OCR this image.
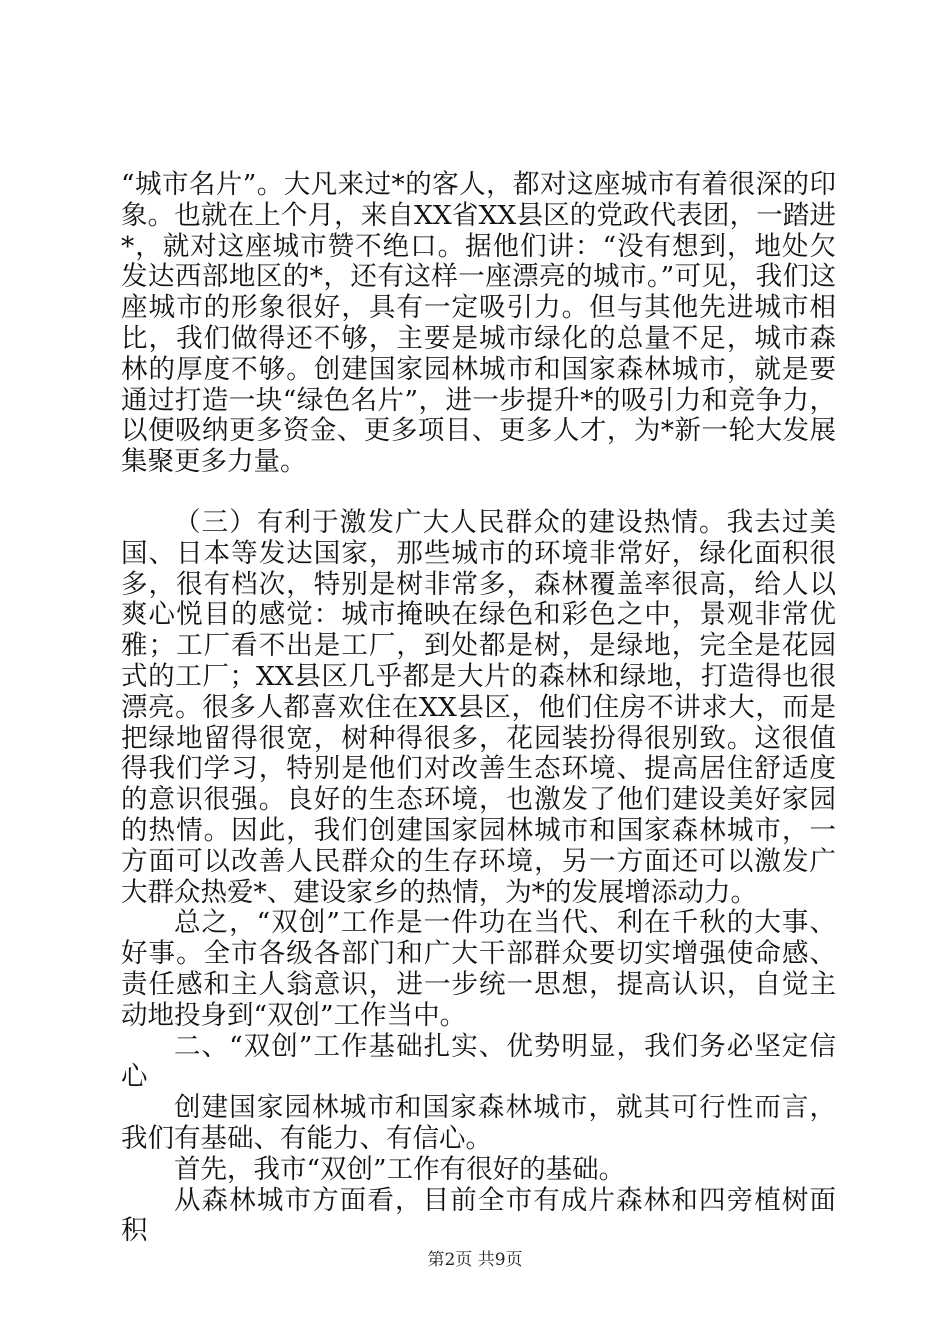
“城市名片”。大凡来过*的客人，都对这座城市有着很深的印象。也就在上个月，来自XX省XX县区的党政代表团，一踏进*，就对这座城市赞不绝口。据他们讲：“没有想到，地处欠发达西部地区的*，还有这样一座漂亮的城市。”可见，我们这座城市的形象很好，具有一定吸引力。但与其他先进城市相比，我们做得还不够，主要是城市绿化的总量不足，城市森林的厚度不够。创建国家园林城市和国家森林城市，就是要通过打造一块“绿色名片”，进一步提升*的吸引力和竞争力，以便吸纳更多资金、更多项目、更多人才，为*新一轮大发展集聚更多力量。

（三）有利于激发广大人民群众的建设热情。我去过美国、日本等发达国家，那些城市的环境非常好，绿化面积很多，很有档次，特别是树非常多，森林覆盖率很高，给人以爽心悦目的感觉：城市掩映在绿色和彩色之中，景观非常优雅；工厂看不出是工厂，到处都是树，是绿地，完全是花园式的工厂；XX县区几乎都是大片的森林和绿地，打造得也很漂亮。很多人都喜欢住在XX县区，他们住房不讲求大，而是把绿地留得很宽，树种得很多，花园装扮得很别致。这很值得我们学习，特别是他们对改善生态环境、提高居住舒适度的意识很强。良好的生态环境，也激发了他们建设美好家园的热情。因此，我们创建国家园林城市和国家森林城市，一方面可以改善人民群众的生存环境，另一方面还可以激发广大群众热爱*、建设家乡的热情，为*的发展增添动力。

总之，“双创”工作是一件功在当代、利在千秋的大事、好事。全市各级各部门和广大干部群众要切实增强使命感、责任感和主人翁意识，进一步统一思想，提高认识，自觉主动地投身到“双创”工作当中。

二、“双创”工作基础扎实、优势明显，我们务必坚定信心

创建国家园林城市和国家森林城市，就其可行性而言，我们有基础、有能力、有信心。

首先，我市“双创”工作有很好的基础。

从森林城市方面看，目前全市有成片森林和四旁植树面积

第2页 共9页
